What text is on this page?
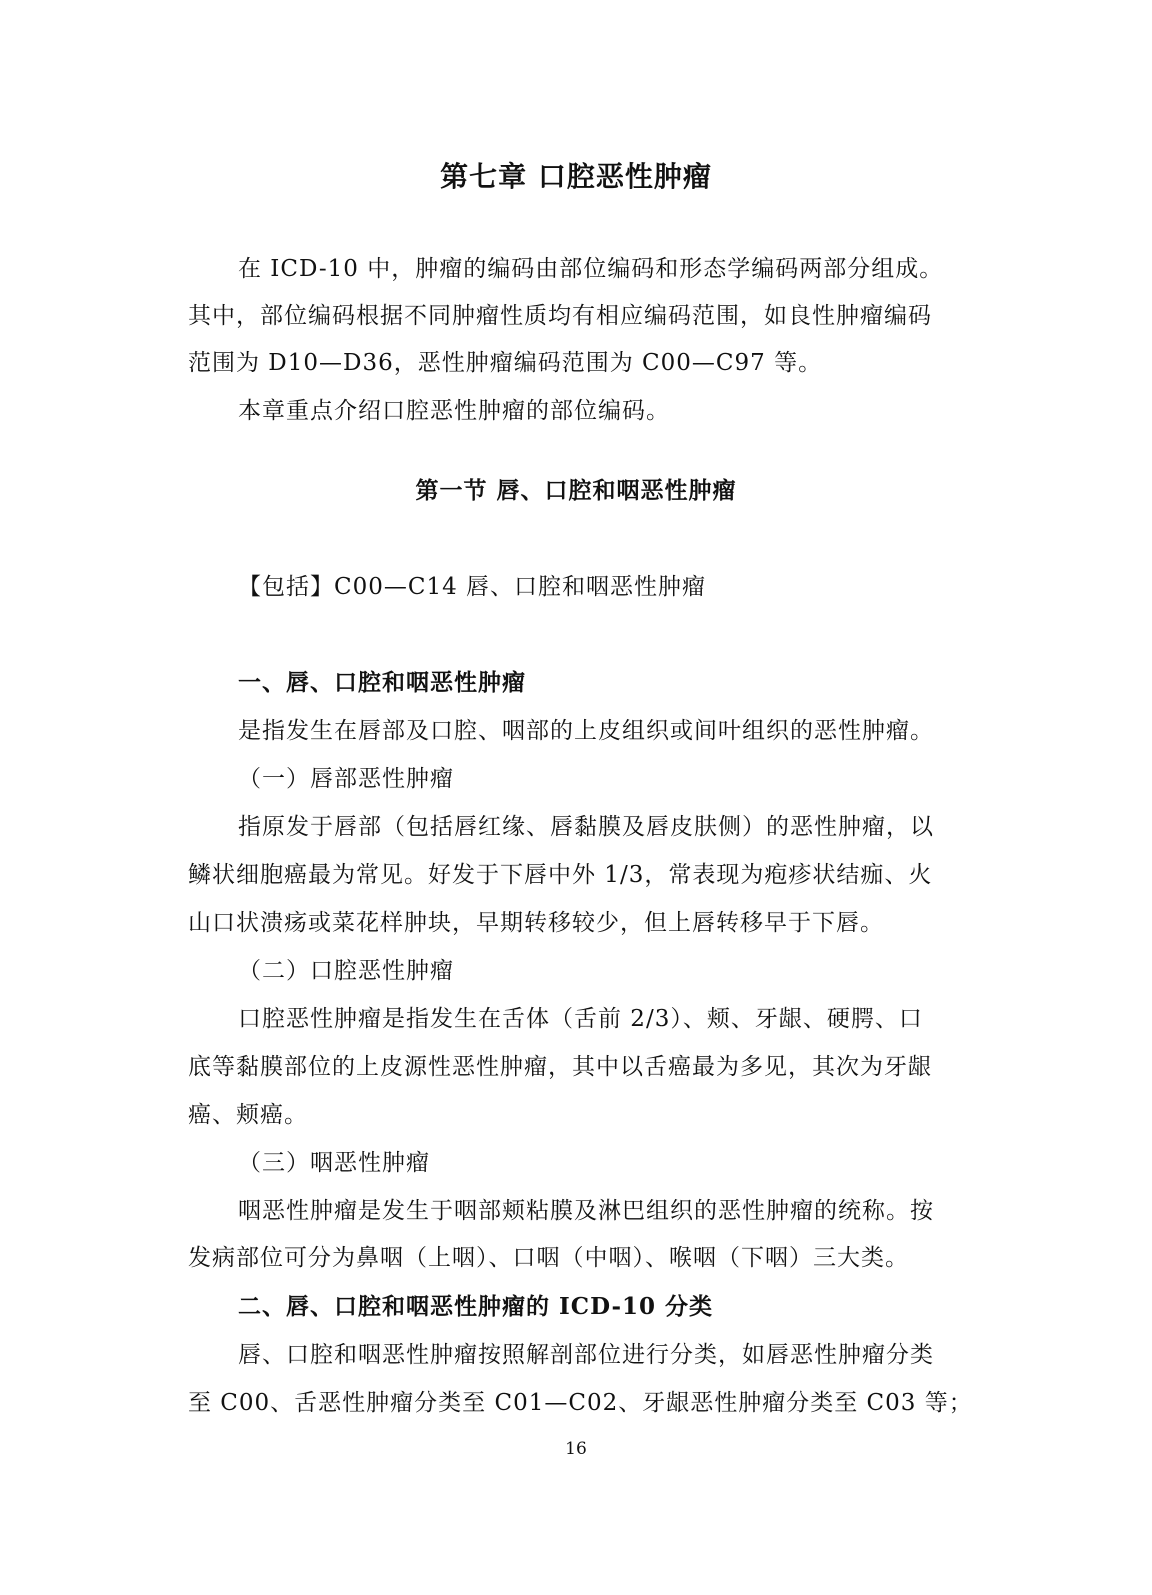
第七章 口腔恶性肿瘤
在 ICD-10 中，肿瘤的编码由部位编码和形态学编码两部分组成。
其中，部位编码根据不同肿瘤性质均有相应编码范围，如良性肿瘤编码
范围为 D10—D36，恶性肿瘤编码范围为 C00—C97 等。
本章重点介绍口腔恶性肿瘤的部位编码。
第一节 唇、口腔和咽恶性肿瘤
【包括】C00—C14 唇、口腔和咽恶性肿瘤
一、唇、口腔和咽恶性肿瘤
是指发生在唇部及口腔、咽部的上皮组织或间叶组织的恶性肿瘤。
（一）唇部恶性肿瘤
指原发于唇部（包括唇红缘、唇黏膜及唇皮肤侧）的恶性肿瘤，以
鳞状细胞癌最为常见。好发于下唇中外 1/3，常表现为疱疹状结痂、火
山口状溃疡或菜花样肿块，早期转移较少，但上唇转移早于下唇。
（二）口腔恶性肿瘤
口腔恶性肿瘤是指发生在舌体（舌前 2/3）、颊、牙龈、硬腭、口
底等黏膜部位的上皮源性恶性肿瘤，其中以舌癌最为多见，其次为牙龈
癌、颊癌。
（三）咽恶性肿瘤
咽恶性肿瘤是发生于咽部颊粘膜及淋巴组织的恶性肿瘤的统称。按
发病部位可分为鼻咽（上咽）、口咽（中咽）、喉咽（下咽）三大类。
二、唇、口腔和咽恶性肿瘤的 ICD-10 分类
唇、口腔和咽恶性肿瘤按照解剖部位进行分类，如唇恶性肿瘤分类
至 C00、舌恶性肿瘤分类至 C01—C02、牙龈恶性肿瘤分类至 C03 等；
16
